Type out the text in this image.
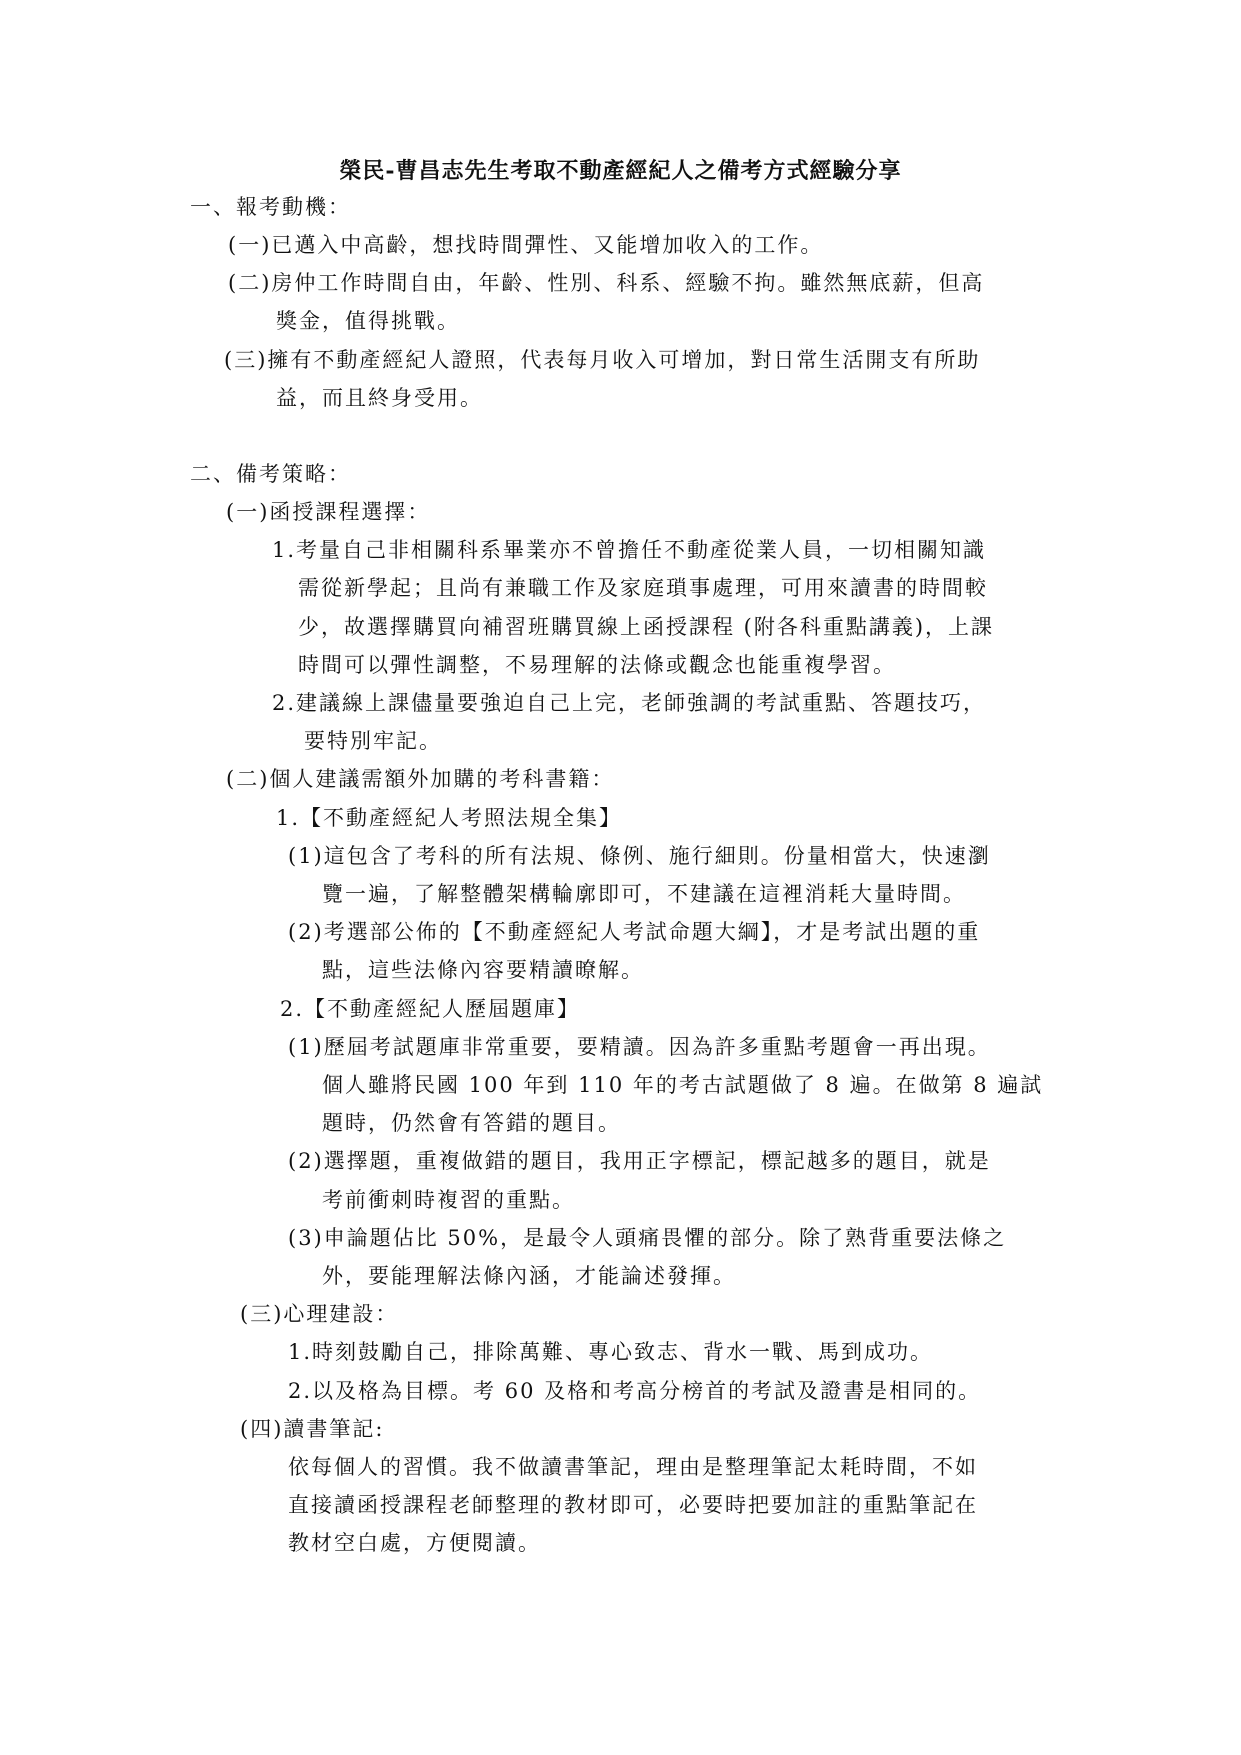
榮民-曹昌志先生考取不動產經紀人之備考方式經驗分享
一、報考動機：
(一)已邁入中高齡，想找時間彈性、又能增加收入的工作。
(二)房仲工作時間自由，年齡、性別、科系、經驗不拘。雖然無底薪，但高
獎金，值得挑戰。
(三)擁有不動產經紀人證照，代表每月收入可增加，對日常生活開支有所助
益，而且終身受用。
二、備考策略：
(一)函授課程選擇：
1.考量自己非相關科系畢業亦不曾擔任不動產從業人員，一切相關知識
需從新學起；且尚有兼職工作及家庭瑣事處理，可用來讀書的時間較
少，故選擇購買向補習班購買線上函授課程 (附各科重點講義)，上課
時間可以彈性調整，不易理解的法條或觀念也能重複學習。
2.建議線上課儘量要強迫自己上完，老師強調的考試重點、答題技巧，
要特別牢記。
(二)個人建議需額外加購的考科書籍：
1.【不動產經紀人考照法規全集】
(1)這包含了考科的所有法規、條例、施行細則。份量相當大，快速瀏
覽一遍，了解整體架構輪廓即可，不建議在這裡消耗大量時間。
(2)考選部公佈的【不動產經紀人考試命題大綱】，才是考試出題的重
點，這些法條內容要精讀暸解。
2.【不動產經紀人歷屆題庫】
(1)歷屆考試題庫非常重要，要精讀。因為許多重點考題會一再出現。
個人雖將民國 100 年到 110 年的考古試題做了 8 遍。在做第 8 遍試
題時，仍然會有答錯的題目。
(2)選擇題，重複做錯的題目，我用正字標記，標記越多的題目，就是
考前衝刺時複習的重點。
(3)申論題佔比 50%，是最令人頭痛畏懼的部分。除了熟背重要法條之
外，要能理解法條內涵，才能論述發揮。
(三)心理建設：
1.時刻鼓勵自己，排除萬難、專心致志、背水一戰、馬到成功。
2.以及格為目標。考 60 及格和考高分榜首的考試及證書是相同的。
(四)讀書筆記:
依每個人的習慣。我不做讀書筆記，理由是整理筆記太耗時間，不如
直接讀函授課程老師整理的教材即可，必要時把要加註的重點筆記在
教材空白處，方便閱讀。
